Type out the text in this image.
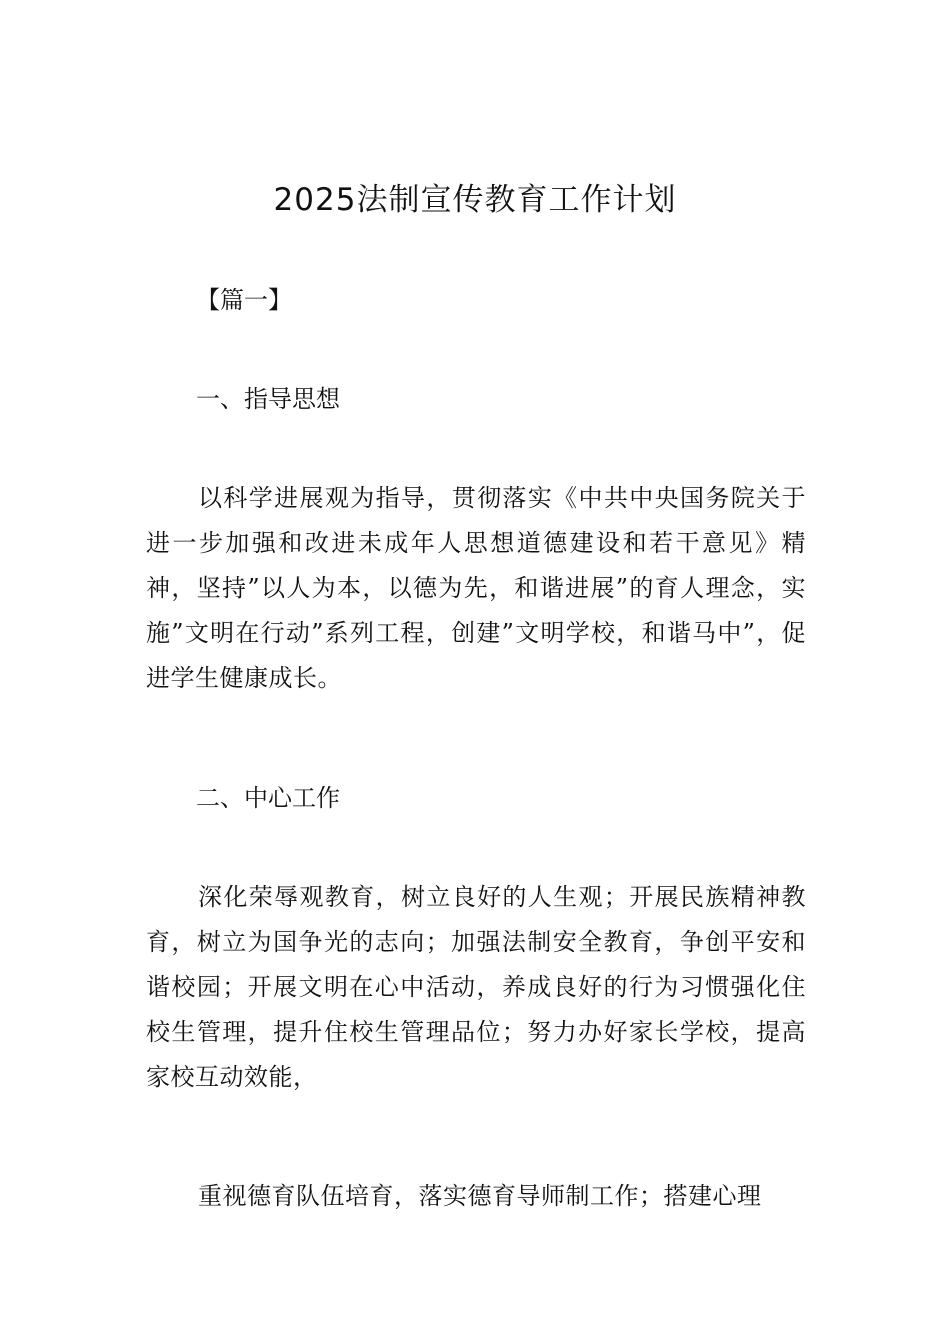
2025法制宣传教育工作计划
【篇一】
一、指导思想
以科学进展观为指导，贯彻落实《中共中央国务院关于进一步加强和改进未成年人思想道德建设和若干意见》精神，坚持”以人为本，以德为先，和谐进展”的育人理念，实施”文明在行动”系列工程，创建”文明学校，和谐马中”，促进学生健康成长。
二、中心工作
深化荣辱观教育，树立良好的人生观；开展民族精神教育，树立为国争光的志向；加强法制安全教育，争创平安和谐校园；开展文明在心中活动，养成良好的行为习惯强化住校生管理，提升住校生管理品位；努力办好家长学校，提高家校互动效能，
重视德育队伍培育，落实德育导师制工作；搭建心理
